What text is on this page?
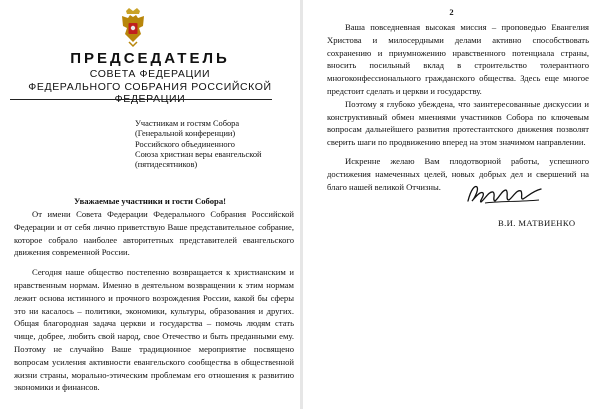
ПРЕДСЕДАТЕЛЬ
СОВЕТА ФЕДЕРАЦИИ
ФЕДЕРАЛЬНОГО СОБРАНИЯ РОССИЙСКОЙ ФЕДЕРАЦИИ
Участникам и гостям Собора
(Генеральной конференции)
Российского объединенного
Союза христиан веры евангельской
(пятидесятников)
Уважаемые участники и гости Собора!

От имени Совета Федерации Федерального Собрания Российской Федерации и от себя лично приветствую Ваше представительное собрание, которое собрало наиболее авторитетных представителей евангельского движения современной России.

Сегодня наше общество постепенно возвращается к христианским и нравственным нормам. Именно в деятельном возвращении к этим нормам лежит основа истинного и прочного возрождения России, какой бы сферы это ни касалось – политики, экономики, культуры, образования и других. Общая благородная задача церкви и государства – помочь людям стать чище, добрее, любить свой народ, свое Отечество и быть преданными ему. Поэтому не случайно Ваше традиционное мероприятие посвящено вопросам усиления активности евангельского сообщества в общественной жизни страны, морально-этическим проблемам его отношения к развитию экономики и финансов.

2

Ваша повседневная высокая миссия – проповедью Евангелия Христова и милосердными делами активно способствовать сохранению и приумножению нравственного потенциала страны, вносить посильный вклад в строительство толерантного многоконфессионального гражданского общества. Здесь еще многое предстоит сделать и церкви и государству.

Поэтому я глубоко убеждена, что заинтересованные дискуссии и конструктивный обмен мнениями участников Собора по ключевым вопросам дальнейшего развития протестантского движения позволят сверить шаги по продвижению вперед на этом значимом направлении.

Искренне желаю Вам плодотворной работы, успешного достижения намеченных целей, новых добрых дел и свершений на благо нашей великой Отчизны.

В.И. МАТВИЕНКО
